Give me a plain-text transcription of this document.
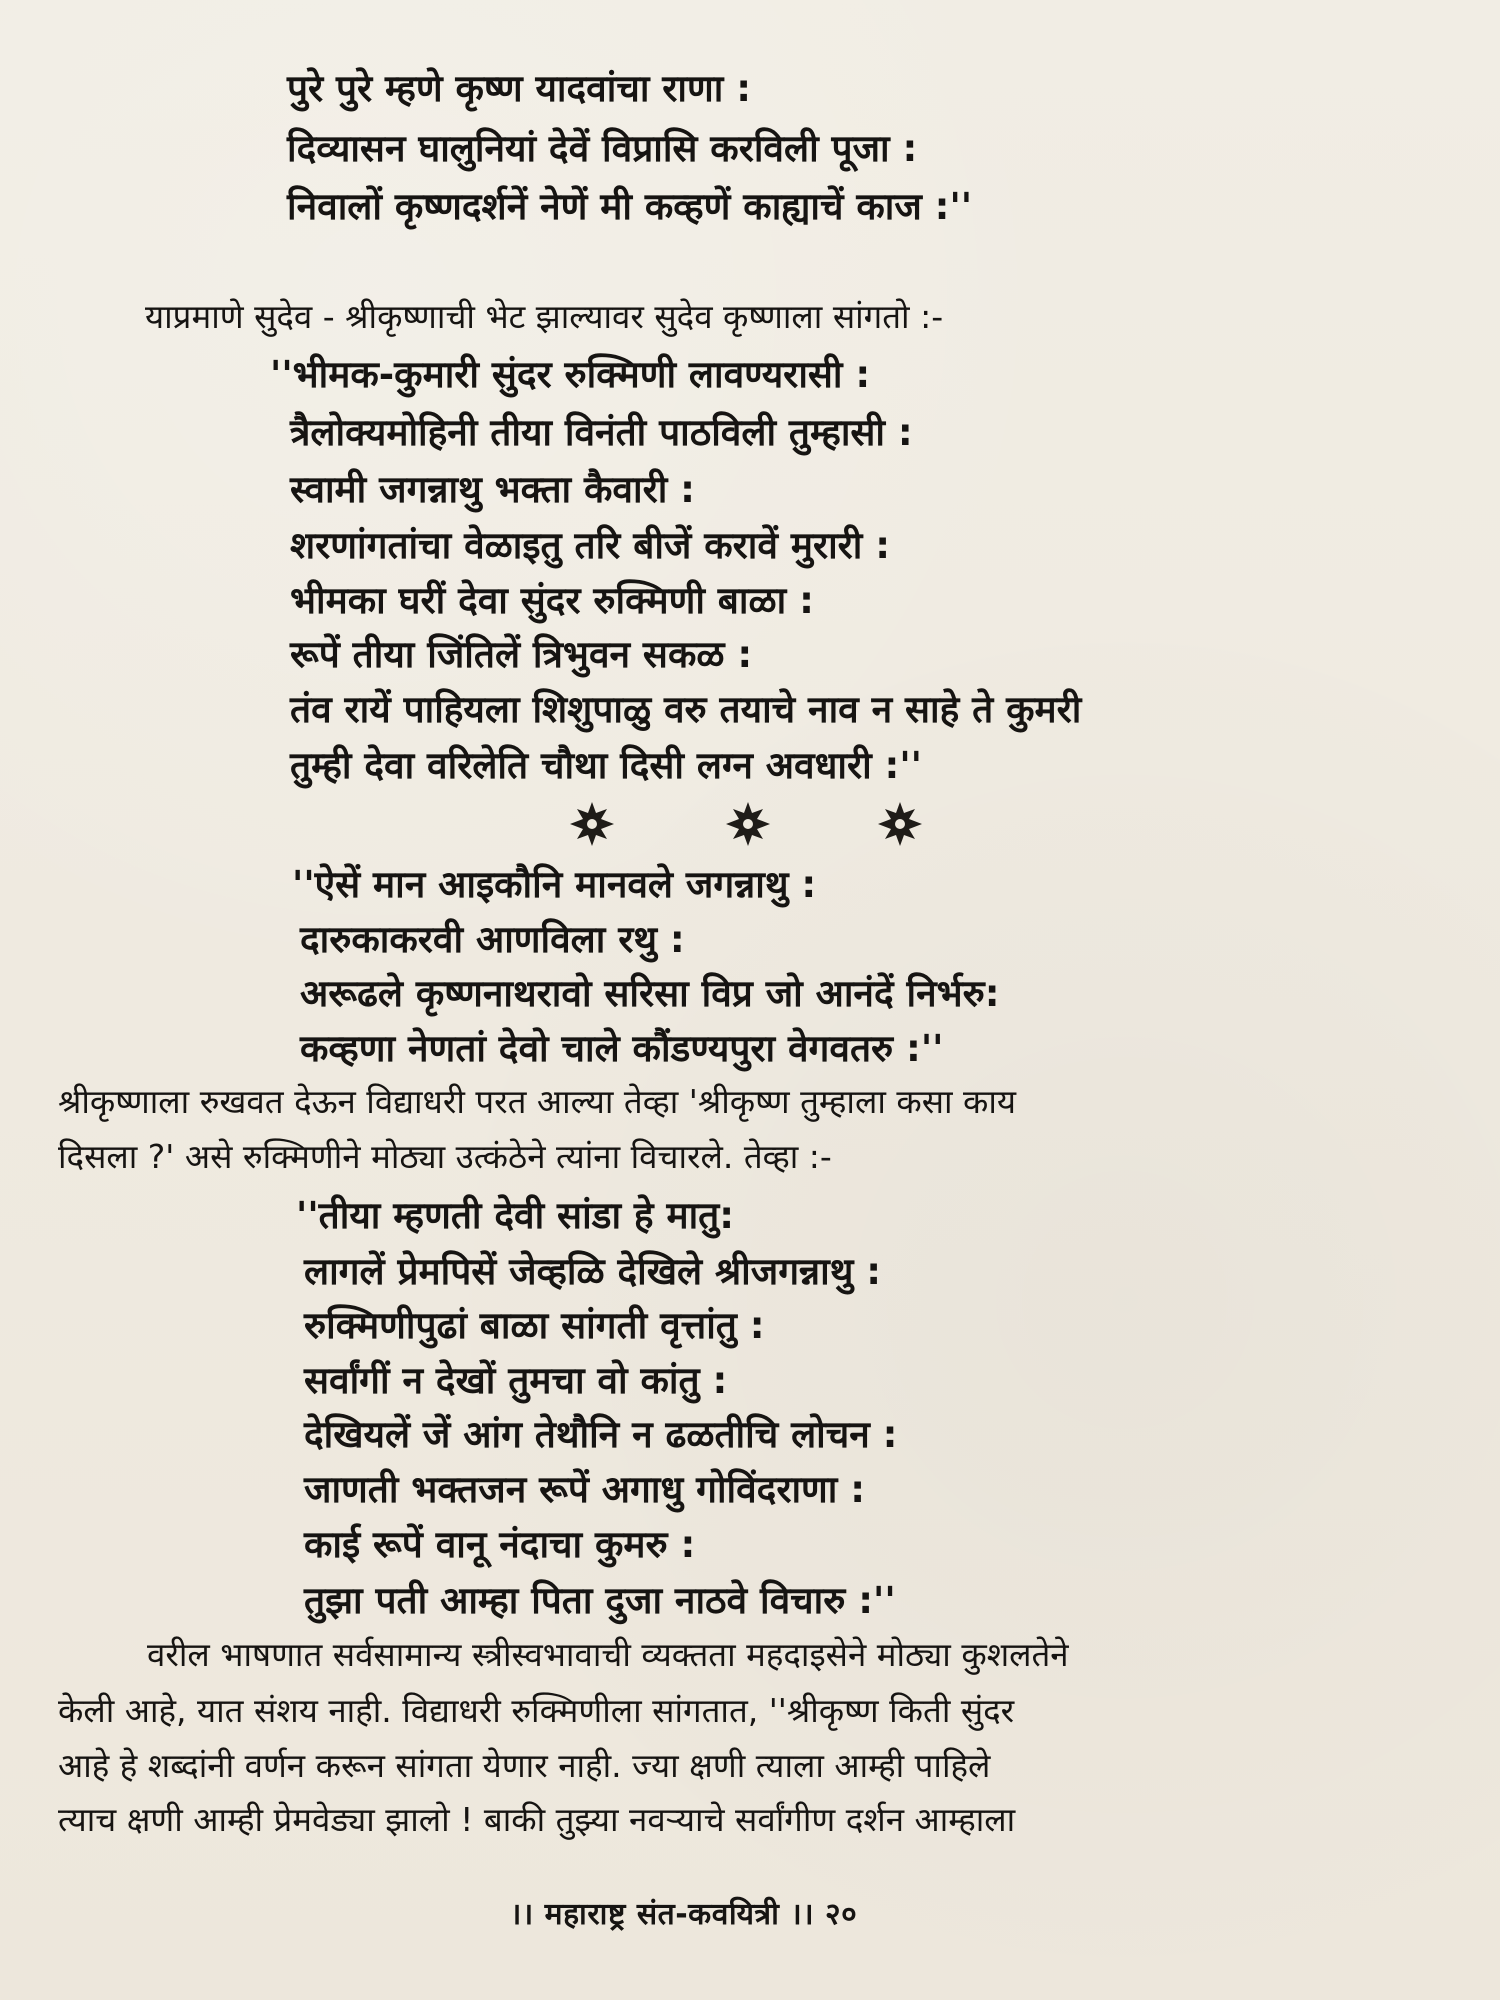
पुरे पुरे म्हणे कृष्ण यादवांचा राणा :
दिव्यासन घालुनियां देवें विप्रासि करविली पूजा :
निवालों कृष्णदर्शनें नेणें मी कव्हणें काह्याचें काज :''
याप्रमाणे सुदेव - श्रीकृष्णाची भेट झाल्यावर सुदेव कृष्णाला सांगतो :-
''भीमक-कुमारी सुंदर रुक्मिणी लावण्यरासी :
त्रैलोक्यमोहिनी तीया विनंती पाठविली तुम्हासी :
स्वामी जगन्नाथु भक्ता कैवारी :
शरणांगतांचा वेळाइतु तरि बीजें करावें मुरारी :
भीमका घरीं देवा सुंदर रुक्मिणी बाळा :
रूपें तीया जिंतिलें त्रिभुवन सकळ :
तंव रायें पाहियला शिशुपाळु वरु तयाचे नाव न साहे ते कुमरी
तुम्ही देवा वरिलेति चौथा दिसी लग्न अवधारी :''
''ऐसें मान आइकौनि मानवले जगन्नाथु :
दारुकाकरवी आणविला रथु :
अरूढले कृष्णनाथरावो सरिसा विप्र जो आनंदें निर्भरु:
कव्हणा नेणतां देवो चाले कौंडण्यपुरा वेगवतरु :''
श्रीकृष्णाला रुखवत देऊन विद्याधरी परत आल्या तेव्हा 'श्रीकृष्ण तुम्हाला कसा काय
दिसला ?' असे रुक्मिणीने मोठ्या उत्कंठेने त्यांना विचारले. तेव्हा :-
''तीया म्हणती देवी सांडा हे मातु:
लागलें प्रेमपिसें जेव्हळि देखिले श्रीजगन्नाथु :
रुक्मिणीपुढां बाळा सांगती वृत्तांतु :
सर्वांगीं न देखों तुमचा वो कांतु :
देखियलें जें आंग तेथौनि न ढळतीचि लोचन :
जाणती भक्तजन रूपें अगाधु गोविंदराणा :
काई रूपें वानू नंदाचा कुमरु :
तुझा पती आम्हा पिता दुजा नाठवे विचारु :''
वरील भाषणात सर्वसामान्य स्त्रीस्वभावाची व्यक्तता महदाइसेने मोठ्या कुशलतेने
केली आहे, यात संशय नाही. विद्याधरी रुक्मिणीला सांगतात, ''श्रीकृष्ण किती सुंदर
आहे हे शब्दांनी वर्णन करून सांगता येणार नाही. ज्या क्षणी त्याला आम्ही पाहिले
त्याच क्षणी आम्ही प्रेमवेड्या झालो ! बाकी तुझ्या नवऱ्याचे सर्वांगीण दर्शन आम्हाला
।। महाराष्ट्र संत-कवयित्री ।। २०
